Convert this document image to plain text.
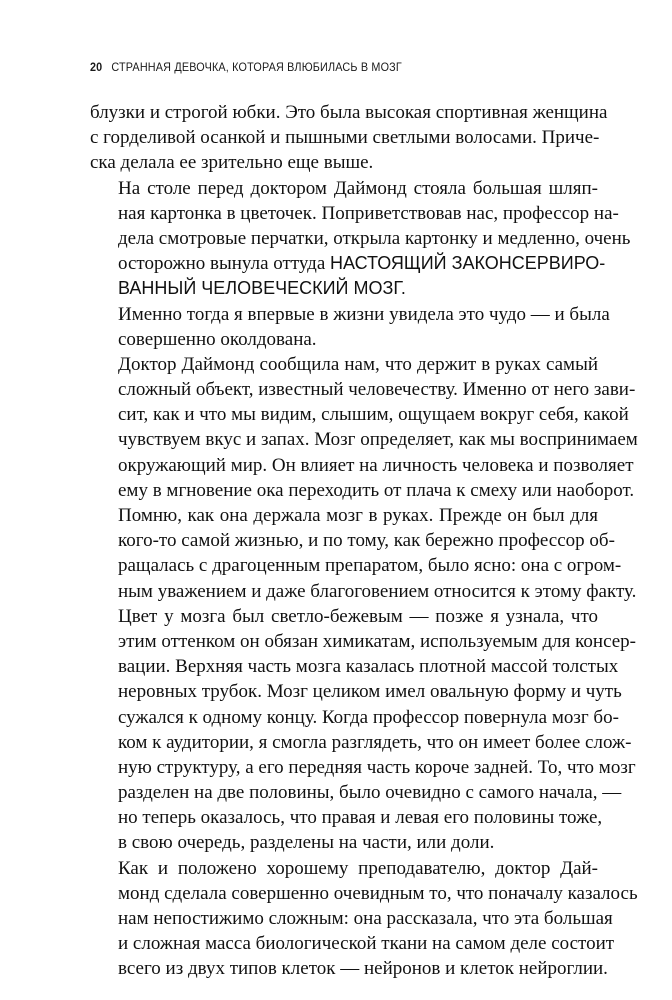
20 СТРАННАЯ ДЕВОЧКА, КОТОРАЯ ВЛЮБИЛАСЬ В МОЗГ

блузки и строгой юбки. Это была высокая спортивная женщина
с горделивой осанкой и пышными светлыми волосами. Приче-
ска делала ее зрительно еще выше.

На столе перед доктором Даймонд стояла большая шляп-
ная картонка в цветочек. Поприветствовав нас, профессор на-
дела смотровые перчатки, открыла картонку и медленно, очень
осторожно вынула оттуда НАСТОЯЩИЙ ЗАКОНСЕРВИРО-
ВАННЫЙ ЧЕЛОВЕЧЕСКИЙ МОЗГ.

Именно тогда я впервые в жизни увидела это чудо — и была
совершенно околдована.

Доктор Даймонд сообщила нам, что держит в руках самый
сложный объект, известный человечеству. Именно от него зави-
сит, как и что мы видим, слышим, ощущаем вокруг себя, какой
чувствуем вкус и запах. Мозг определяет, как мы воспринимаем
окружающий мир. Он влияет на личность человека и позволяет
ему в мгновение ока переходить от плача к смеху или наоборот.

Помню, как она держала мозг в руках. Прежде он был для
кого-то самой жизнью, и по тому, как бережно профессор об-
ращалась с драгоценным препаратом, было ясно: она с огром-
ным уважением и даже благоговением относится к этому факту.

Цвет у мозга был светло-бежевым — позже я узнала, что
этим оттенком он обязан химикатам, используемым для консер-
вации. Верхняя часть мозга казалась плотной массой толстых
неровных трубок. Мозг целиком имел овальную форму и чуть
сужался к одному концу. Когда профессор повернула мозг бо-
ком к аудитории, я смогла разглядеть, что он имеет более слож-
ную структуру, а его передняя часть короче задней. То, что мозг
разделен на две половины, было очевидно с самого начала, —
но теперь оказалось, что правая и левая его половины тоже,
в свою очередь, разделены на части, или доли.

Как и положено хорошему преподавателю, доктор Дай-
монд сделала совершенно очевидным то, что поначалу казалось
нам непостижимо сложным: она рассказала, что эта большая
и сложная масса биологической ткани на самом деле состоит
всего из двух типов клеток — нейронов и клеток нейроглии.
